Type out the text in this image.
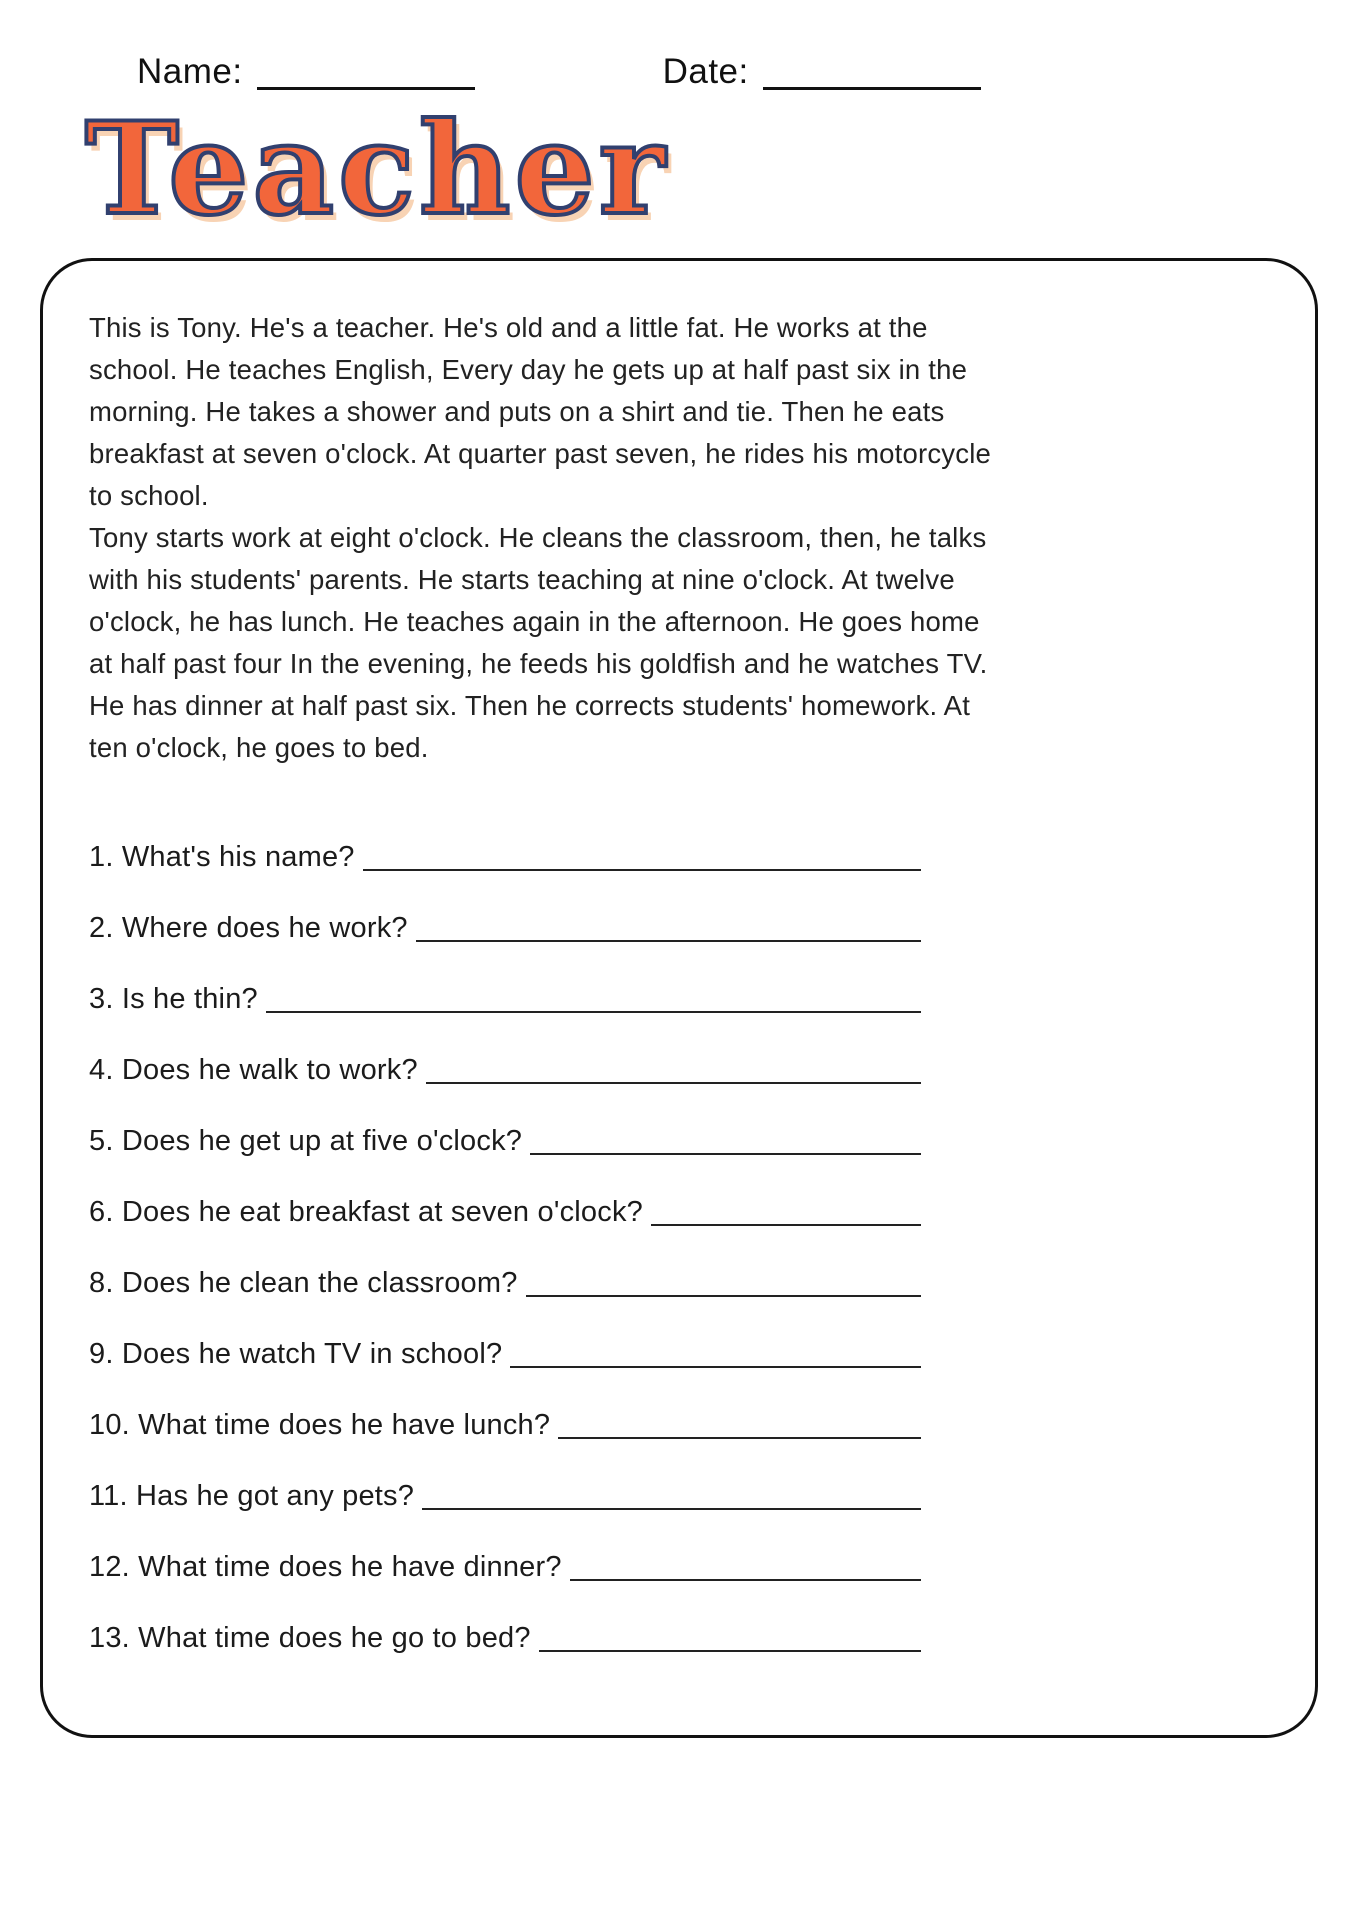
Name:	Date:
Teacher

This is Tony. He's a teacher. He's old and a little fat. He works at the school. He teaches English, Every day he gets up at half past six in the morning. He takes a shower and puts on a shirt and tie. Then he eats breakfast at seven o'clock. At quarter past seven, he rides his motorcycle to school.

Tony starts work at eight o'clock. He cleans the classroom, then, he talks with his students' parents. He starts teaching at nine o'clock. At twelve o'clock, he has lunch. He teaches again in the afternoon. He goes home at half past four In the evening, he feeds his goldfish and he watches TV. He has dinner at half past six. Then he corrects students' homework. At ten o'clock, he goes to bed.

1. What's his name?
2. Where does he work?
3. Is he thin?
4. Does he walk to work?
5. Does he get up at five o'clock?
6. Does he eat breakfast at seven o'clock?
8. Does he clean the classroom?
9. Does he watch TV in school?
10. What time does he have lunch?
11. Has he got any pets?
12. What time does he have dinner?
13. What time does he go to bed?
